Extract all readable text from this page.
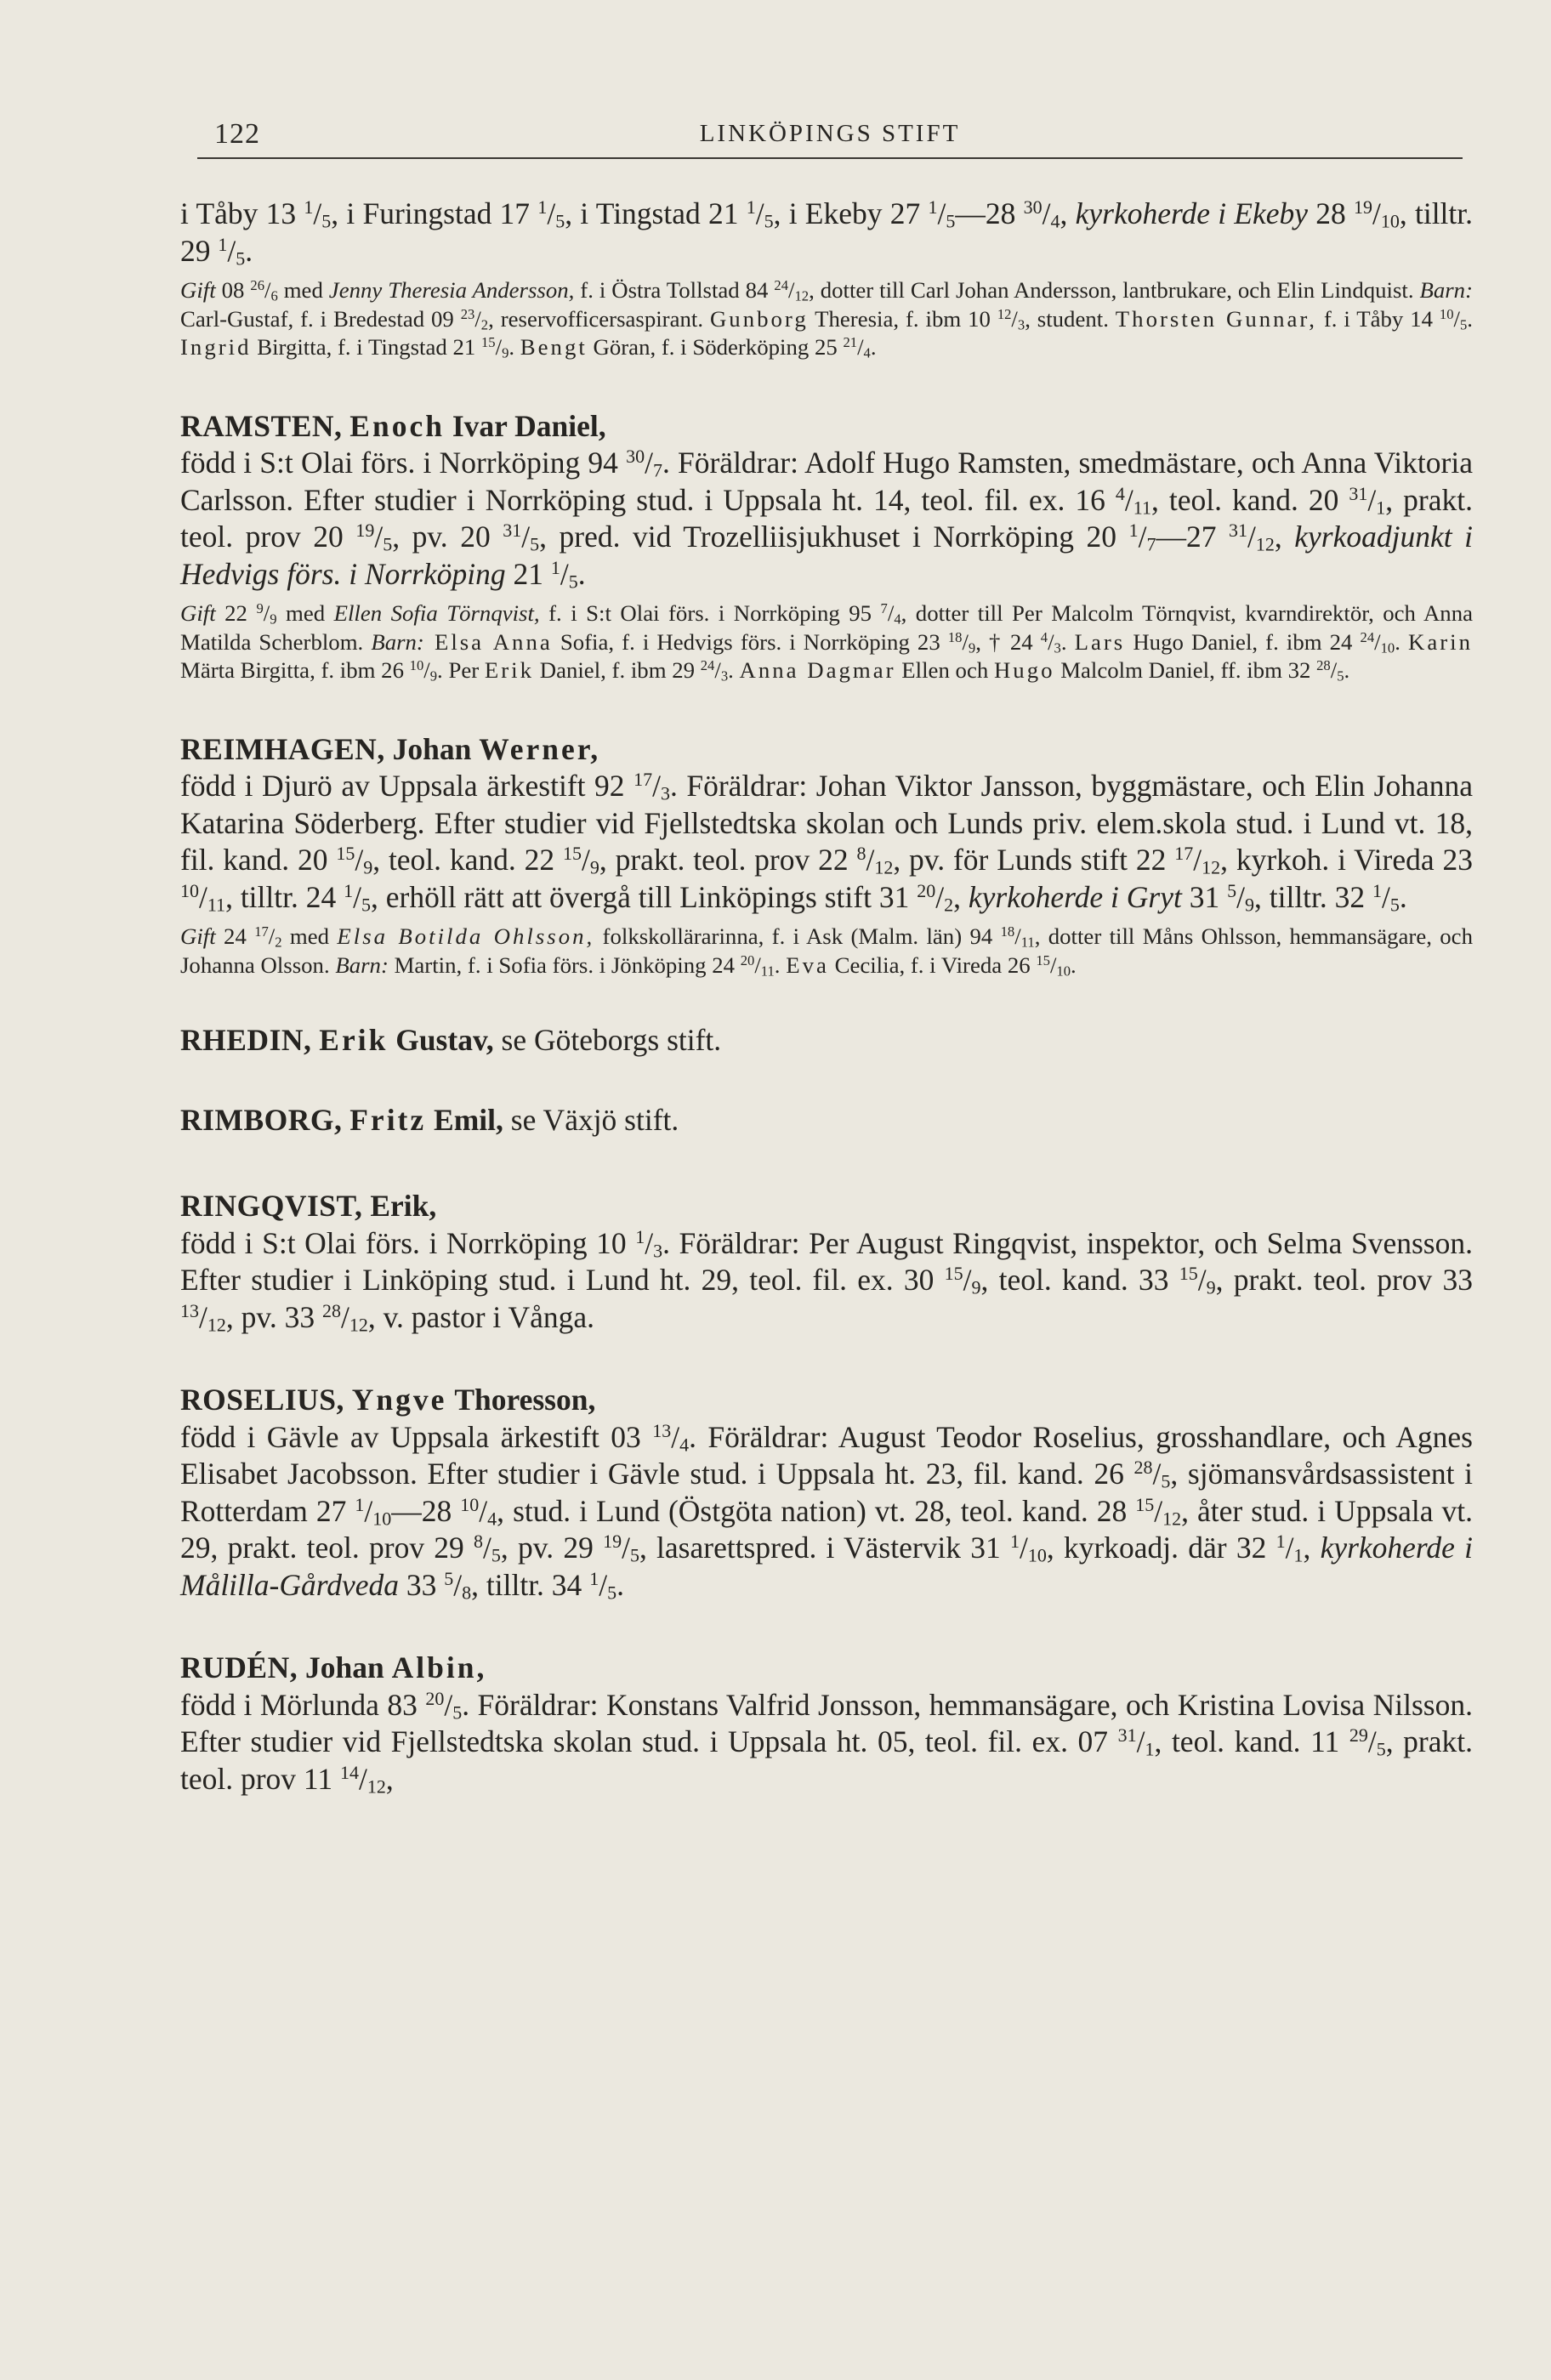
122	LINKÖPINGS STIFT

i Tåby 13 $^1/_5$, i Furingstad 17 $^1/_5$, i Tingstad 21 $^1/_5$, i Ekeby 27 $^1/_5—28$ $^{30}/_4$, kyrkoherde i Ekeby 28 $^{19}/_{10}$, tilltr. 29 $^1/_5$.

Gift 08 $^{26}/_6$ med Jenny Theresia Andersson, f. i Östra Tollstad 84 $^{24}/_{12}$, dotter till Carl Johan Andersson, lantbrukare, och Elin Lindquist. Barn: Carl-Gustaf, f. i Bredestad 09 $^{23}/_2$, reservofficersaspirant. Gunborg Theresia, f. ibm 10 $^{12}/_3$, student. Thorsten Gunnar, f. i Tåby 14 $^{10}/_5$. Ingrid Birgitta, f. i Tingstad 21 $^{15}/_9$. Bengt Göran, f. i Söderköping 25 $^{21}/_4$.

RAMSTEN, Enoch Ivar Daniel,

född i S:t Olai förs. i Norrköping 94 $^{30}/_7$. Föräldrar: Adolf Hugo Ramsten, smedmästare, och Anna Viktoria Carlsson. Efter studier i Norrköping stud. i Uppsala ht. 14, teol. fil. ex. 16 $^4/_{11}$, teol. kand. 20 $^{31}/_1$, prakt. teol. prov 20 $^{19}/_5$, pv. 20 $^{31}/_5$, pred. vid Trozelliisjukhuset i Norrköping 20 $^1/_7—27$ $^{31}/_{12}$, kyrkoadjunkt i Hedvigs förs. i Norrköping 21 $^1/_5$.

Gift 22 $^9/_9$ med Ellen Sofia Törnqvist, f. i S:t Olai förs. i Norrköping 95 $^7/_4$, dotter till Per Malcolm Törnqvist, kvarndirektör, och Anna Matilda Scherblom. Barn: Elsa Anna Sofia, f. i Hedvigs förs. i Norrköping 23 $^{18}/_9$, † 24 $^4/_3$. Lars Hugo Daniel, f. ibm 24 $^{24}/_{10}$. Karin Märta Birgitta, f. ibm 26 $^{10}/_9$. Per Erik Daniel, f. ibm 29 $^{24}/_3$. Anna Dagmar Ellen och Hugo Malcolm Daniel, ff. ibm 32 $^{28}/_5$.

REIMHAGEN, Johan Werner,

född i Djurö av Uppsala ärkestift 92 $^{17}/_3$. Föräldrar: Johan Viktor Jansson, byggmästare, och Elin Johanna Katarina Söderberg. Efter studier vid Fjellstedtska skolan och Lunds priv. elem.skola stud. i Lund vt. 18, fil. kand. 20 $^{15}/_9$, teol. kand. 22 $^{15}/_9$, prakt. teol. prov 22 $^8/_{12}$, pv. för Lunds stift 22 $^{17}/_{12}$, kyrkoh. i Vireda 23 $^{10}/_{11}$, tilltr. 24 $^1/_5$, erhöll rätt att övergå till Linköpings stift 31 $^{20}/_2$, kyrkoherde i Gryt 31 $^5/_9$, tilltr. 32 $^1/_5$.

Gift 24 $^{17}/_2$ med Elsa Botilda Ohlsson, folkskollärarinna, f. i Ask (Malm. län) 94 $^{18}/_{11}$, dotter till Måns Ohlsson, hemmansägare, och Johanna Olsson. Barn: Martin, f. i Sofia förs. i Jönköping 24 $^{20}/_{11}$. Eva Cecilia, f. i Vireda 26 $^{15}/_{10}$.

RHEDIN, Erik Gustav, se Göteborgs stift.

RIMBORG, Fritz Emil, se Växjö stift.

RINGQVIST, Erik,

född i S:t Olai förs. i Norrköping 10 $^1/_3$. Föräldrar: Per August Ringqvist, inspektor, och Selma Svensson. Efter studier i Linköping stud. i Lund ht. 29, teol. fil. ex. 30 $^{15}/_9$, teol. kand. 33 $^{15}/_9$, prakt. teol. prov 33 $^{13}/_{12}$, pv. 33 $^{28}/_{12}$, v. pastor i Vånga.

ROSELIUS, Yngve Thoresson,

född i Gävle av Uppsala ärkestift 03 $^{13}/_4$. Föräldrar: August Teodor Roselius, grosshandlare, och Agnes Elisabet Jacobsson. Efter studier i Gävle stud. i Uppsala ht. 23, fil. kand. 26 $^{28}/_5$, sjömansvårdsassistent i Rotterdam 27 $^1/_{10}—28$ $^{10}/_4$, stud. i Lund (Östgöta nation) vt. 28, teol. kand. 28 $^{15}/_{12}$, åter stud. i Uppsala vt. 29, prakt. teol. prov 29 $^8/_5$, pv. 29 $^{19}/_5$, lasarettspred. i Västervik 31 $^1/_{10}$, kyrkoadj. där 32 $^1/_1$, kyrkoherde i Målilla-Gårdveda 33 $^5/_8$, tilltr. 34 $^1/_5$.

RUDÉN, Johan Albin,

född i Mörlunda 83 $^{20}/_5$. Föräldrar: Konstans Valfrid Jonsson, hemmansägare, och Kristina Lovisa Nilsson. Efter studier vid Fjellstedtska skolan stud. i Uppsala ht. 05, teol. fil. ex. 07 $^{31}/_1$, teol. kand. 11 $^{29}/_5$, prakt. teol. prov 11 $^{14}/_{12}$,
